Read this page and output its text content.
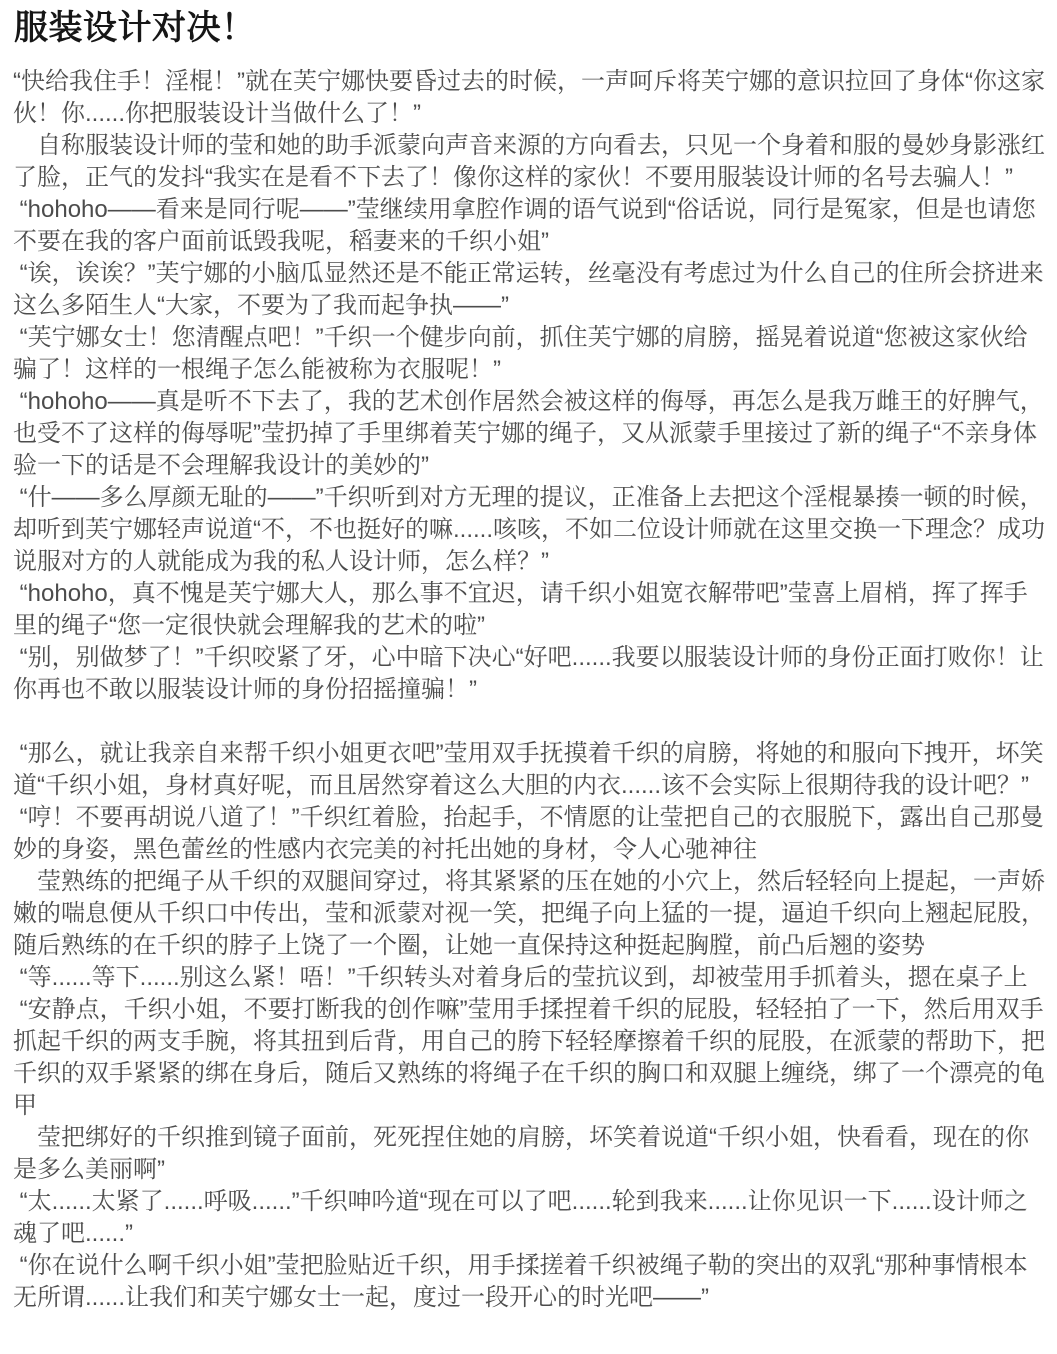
服装设计对决！

“快给我住手！淫棍！”就在芙宁娜快要昏过去的时候，一声呵斥将芙宁娜的意识拉回了身体“你这家伙！你......你把服装设计当做什么了！”

　自称服装设计师的莹和她的助手派蒙向声音来源的方向看去，只见一个身着和服的曼妙身影涨红了脸，正气的发抖“我实在是看不下去了！像你这样的家伙！不要用服装设计师的名号去骗人！”

“hohoho——看来是同行呢——”莹继续用拿腔作调的语气说到“俗话说，同行是冤家，但是也请您不要在我的客户面前诋毁我呢，稻妻来的千织小姐”

“诶，诶诶？”芙宁娜的小脑瓜显然还是不能正常运转，丝毫没有考虑过为什么自己的住所会挤进来这么多陌生人“大家，不要为了我而起争执——”

“芙宁娜女士！您清醒点吧！”千织一个健步向前，抓住芙宁娜的肩膀，摇晃着说道“您被这家伙给骗了！这样的一根绳子怎么能被称为衣服呢！”

“hohoho——真是听不下去了，我的艺术创作居然会被这样的侮辱，再怎么是我万雌王的好脾气，也受不了这样的侮辱呢”莹扔掉了手里绑着芙宁娜的绳子，又从派蒙手里接过了新的绳子“不亲身体验一下的话是不会理解我设计的美妙的”

“什——多么厚颜无耻的——”千织听到对方无理的提议，正准备上去把这个淫棍暴揍一顿的时候，却听到芙宁娜轻声说道“不，不也挺好的嘛......咳咳，不如二位设计师就在这里交换一下理念？成功说服对方的人就能成为我的私人设计师，怎么样？”

“hohoho，真不愧是芙宁娜大人，那么事不宜迟，请千织小姐宽衣解带吧”莹喜上眉梢，挥了挥手里的绳子“您一定很快就会理解我的艺术的啦”

“别，别做梦了！”千织咬紧了牙，心中暗下决心“好吧......我要以服装设计师的身份正面打败你！让你再也不敢以服装设计师的身份招摇撞骗！”

“那么，就让我亲自来帮千织小姐更衣吧”莹用双手抚摸着千织的肩膀，将她的和服向下拽开，坏笑道“千织小姐，身材真好呢，而且居然穿着这么大胆的内衣......该不会实际上很期待我的设计吧？”

“哼！不要再胡说八道了！”千织红着脸，抬起手，不情愿的让莹把自己的衣服脱下，露出自己那曼妙的身姿，黑色蕾丝的性感内衣完美的衬托出她的身材，令人心驰神往

　莹熟练的把绳子从千织的双腿间穿过，将其紧紧的压在她的小穴上，然后轻轻向上提起，一声娇嫩的喘息便从千织口中传出，莹和派蒙对视一笑，把绳子向上猛的一提，逼迫千织向上翘起屁股，随后熟练的在千织的脖子上饶了一个圈，让她一直保持这种挺起胸膛，前凸后翘的姿势

“等......等下......别这么紧！唔！”千织转头对着身后的莹抗议到，却被莹用手抓着头，摁在桌子上

“安静点，千织小姐，不要打断我的创作嘛”莹用手揉捏着千织的屁股，轻轻拍了一下，然后用双手抓起千织的两支手腕，将其扭到后背，用自己的胯下轻轻摩擦着千织的屁股，在派蒙的帮助下，把千织的双手紧紧的绑在身后，随后又熟练的将绳子在千织的胸口和双腿上缠绕，绑了一个漂亮的龟甲

　莹把绑好的千织推到镜子面前，死死捏住她的肩膀，坏笑着说道“千织小姐，快看看，现在的你是多么美丽啊”

“太......太紧了......呼吸......”千织呻吟道“现在可以了吧......轮到我来......让你见识一下......设计师之魂了吧......”

“你在说什么啊千织小姐”莹把脸贴近千织，用手揉搓着千织被绳子勒的突出的双乳“那种事情根本无所谓......让我们和芙宁娜女士一起，度过一段开心的时光吧——”
